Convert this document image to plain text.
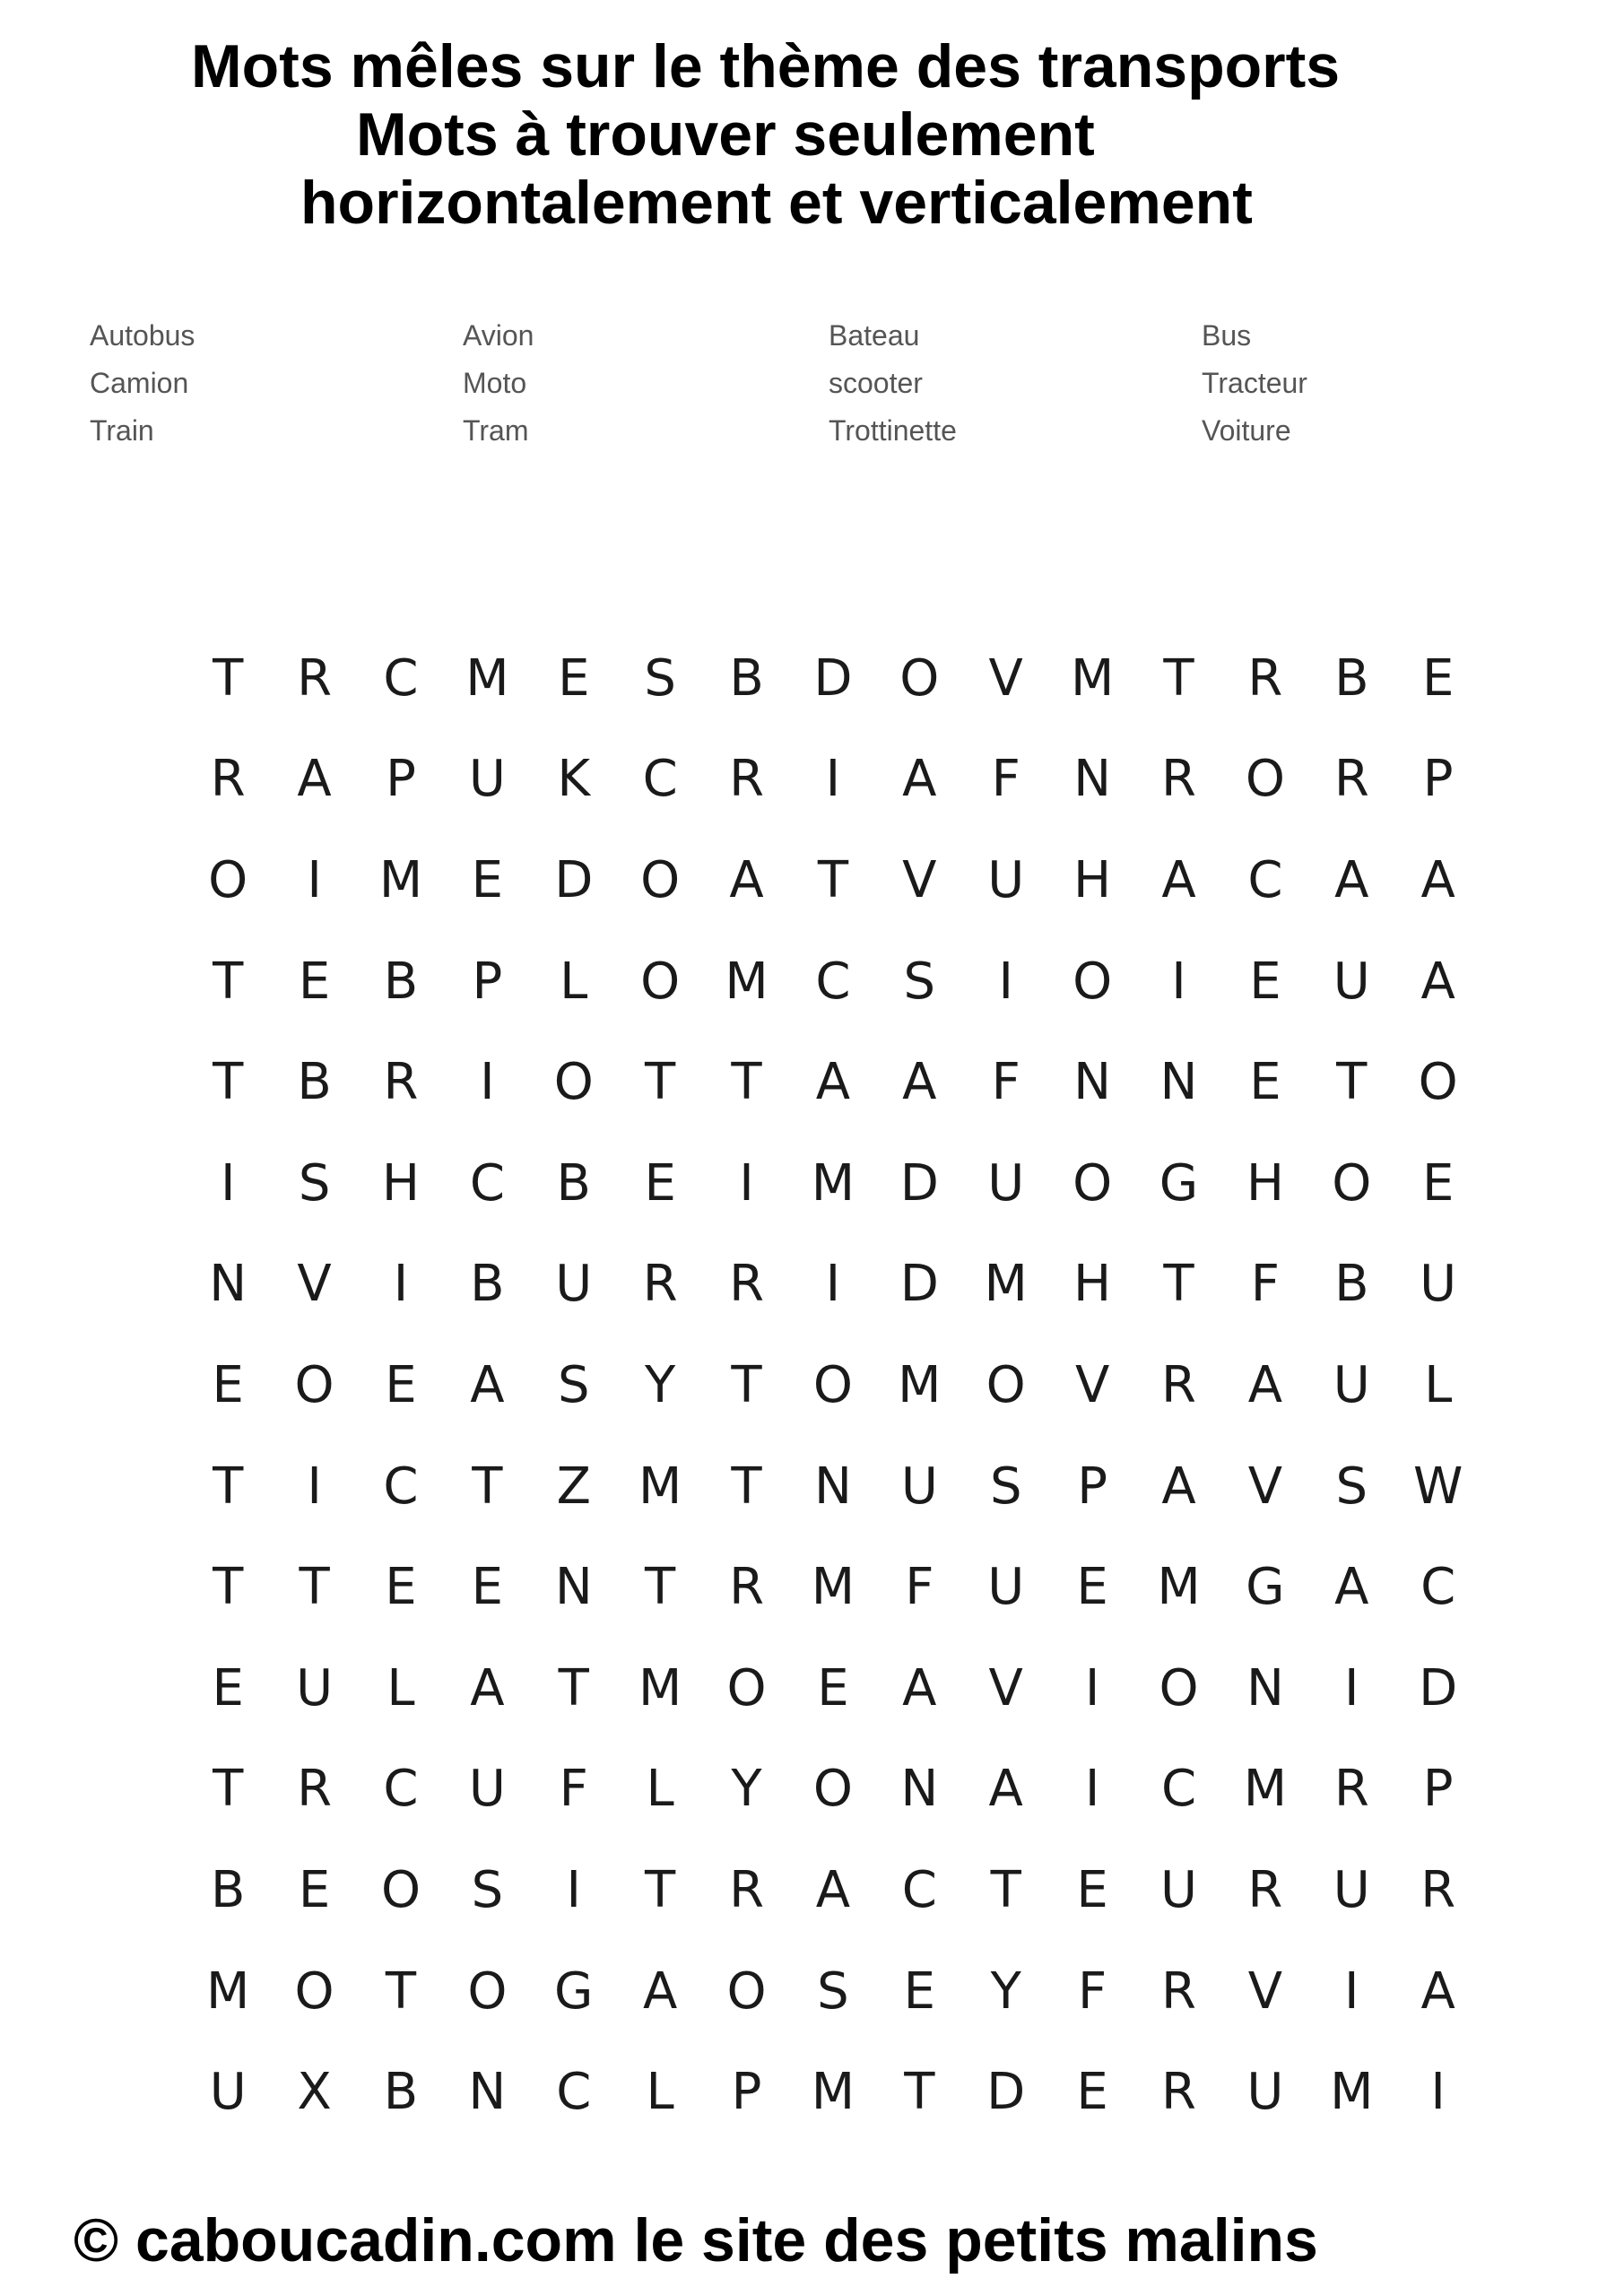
Mots mêles sur le thème des transports
Mots à trouver seulement
horizontalement et verticalement
Autobus	Avion	Bateau	Bus
Camion	Moto	scooter	Tracteur
Train	Tram	Trottinette	Voiture
T	R	C M E	S	B D O V M T	R	B	E
R	A	P	U	K	C	R	I	A	F	N R O R	P
O	I	M E	D O A	T	V	U H	A	C	A	A
T	E	B	P	L	O M C	S	I	O	I	E	U	A
T	B	R	I	O	T	T	A	A	F	N N	E	T	O
I	S	H C	B	E	I	M D U O G H O	E
N	V	I	B	U	R	R	I	D M H	T	F	B	U
E	O	E	A	S	Y	T	O M O V	R	A	U	L
T	I	C	T	Z M T	N U	S	P	A	V	S W
T	T	E	E	N	T	R M	F	U	E M G A	C
E	U	L	A	T M O	E	A	V	I	O N	I	D
T	R	C	U	F	L	Y	O N	A	I	C M R	P
B	E	O	S	I	T	R	A	C	T	E	U	R	U	R
M O	T	O G A O	S	E	Y	F	R	V	I	A
U	X	B	N C	L	P M T	D	E	R	U M	I
© caboucadin.com le site des petits malins
